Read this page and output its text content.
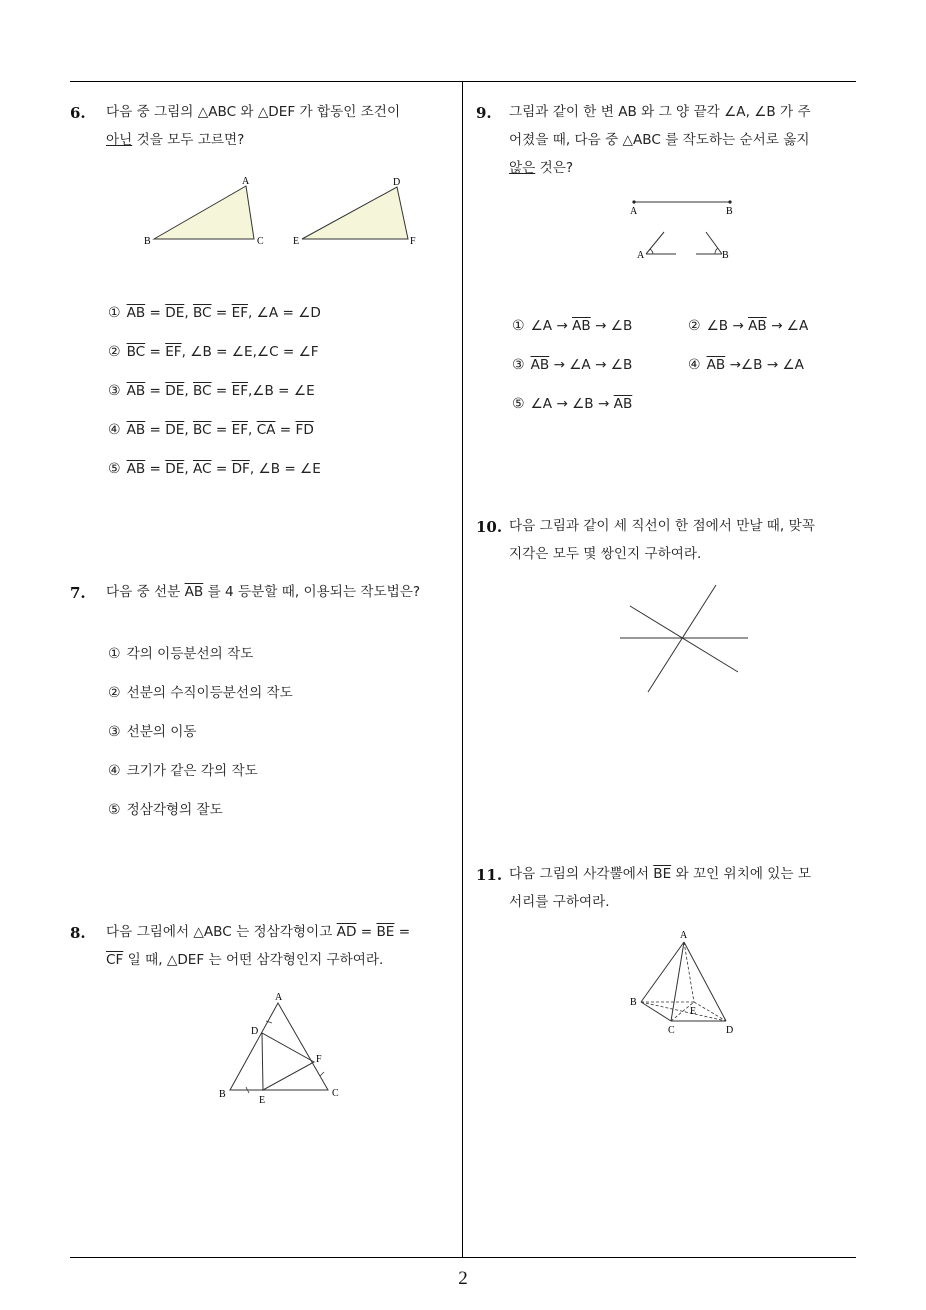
6. 다음 중 그림의 △ABC 와 △DEF 가 합동인 조건이
아닌 것을 모두 고르면?
A
B	C
D
E	F
① $\overline{AB} = \overline{DE}$, $\overline{BC} = \overline{EF}$, ∠A = ∠D
② $\overline{BC} = \overline{EF}$, ∠B = ∠E,∠C = ∠F
③ $\overline{AB} = \overline{DE}$, $\overline{BC}$ = $\overline{EF},\angle B$ = ∠E
④ $\overline{AB} = \overline{DE}$, $\overline{BC} = \overline{EF}$, $\overline{CA} = \overline{FD}$
⑤ $\overline{AB} = \overline{DE}$, $\overline{AC} = \overline{DF}$, ∠B = ∠E
7. 다음 중 선분 $\overline{AB}$ 를 4 등분할 때, 이용되는 작도법은?
① 각의 이등분선의 작도
② 선분의 수직이등분선의 작도
③ 선분의 이동
④ 크기가 같은 각의 작도
⑤ 정삼각형의 잘도
8. 다음 그림에서 △ABC 는 정삼각형이고 $\overline{AD} = \overline{BE}$ =
$\overline{CF}$ 일 때, △DEF 는 어떤 삼각형인지 구하여라.
A
B	C
D
E
F
9. 그림과 같이 한 변 AB 와 그 양 끝각 ∠A, ∠B 가 주
어졌을 때, 다음 중 △ABC 를 작도하는 순서로 옳지
않은 것은?
A	B
A	B
① ∠A → $\overline{AB}$ → ∠B	② ∠B → $\overline{AB}$ → ∠A
③ $\overline{AB}$ → ∠A → ∠B	④ $\overline{AB}$ →∠B → ∠A
⑤ ∠A → ∠B → $\overline{AB}$
10. 다음 그림과 같이 세 직선이 한 점에서 만날 때, 맞꼭
지각은 모두 몇 쌍인지 구하여라.
11. 다음 그림의 사각뿔에서 $\overline{BE}$ 와 꼬인 위치에 있는 모
서리를 구하여라.
A
B
C	D
E
2
